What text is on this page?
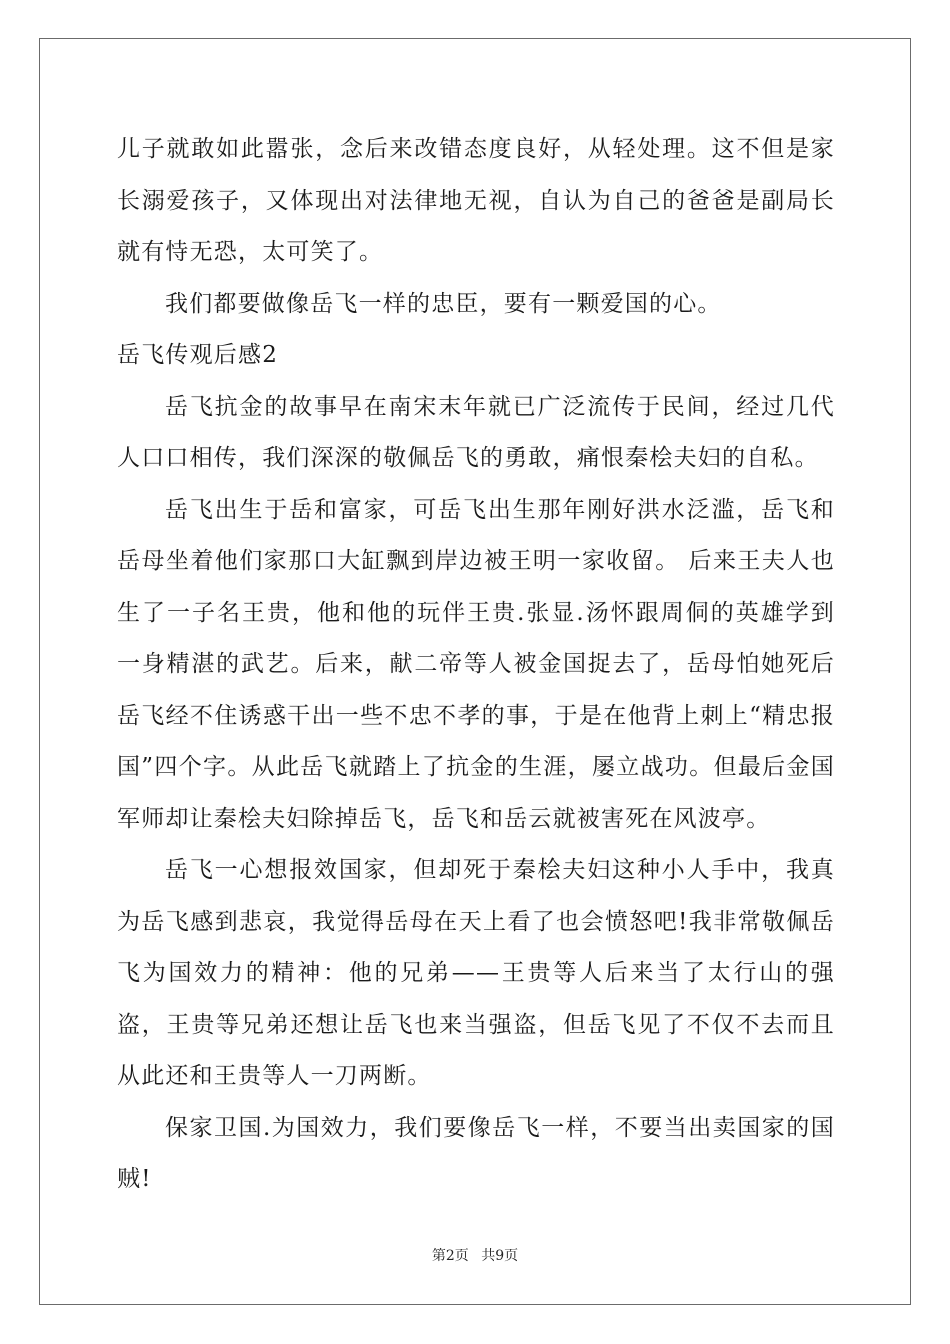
儿子就敢如此嚣张，念后来改错态度良好，从轻处理。这不但是家长溺爱孩子，又体现出对法律地无视，自认为自己的爸爸是副局长就有恃无恐，太可笑了。

我们都要做像岳飞一样的忠臣，要有一颗爱国的心。

岳飞传观后感2

岳飞抗金的故事早在南宋末年就已广泛流传于民间，经过几代人口口相传，我们深深的敬佩岳飞的勇敢，痛恨秦桧夫妇的自私。

岳飞出生于岳和富家，可岳飞出生那年刚好洪水泛滥，岳飞和岳母坐着他们家那口大缸飘到岸边被王明一家收留。 后来王夫人也生了一子名王贵，他和他的玩伴王贵.张显.汤怀跟周侗的英雄学到一身精湛的武艺。后来，献二帝等人被金国捉去了，岳母怕她死后岳飞经不住诱惑干出一些不忠不孝的事，于是在他背上刺上“精忠报国”四个字。从此岳飞就踏上了抗金的生涯，屡立战功。但最后金国军师却让秦桧夫妇除掉岳飞，岳飞和岳云就被害死在风波亭。

岳飞一心想报效国家，但却死于秦桧夫妇这种小人手中，我真为岳飞感到悲哀，我觉得岳母在天上看了也会愤怒吧!我非常敬佩岳飞为国效力的精神：他的兄弟——王贵等人后来当了太行山的强盗，王贵等兄弟还想让岳飞也来当强盗，但岳飞见了不仅不去而且从此还和王贵等人一刀两断。

保家卫国.为国效力，我们要像岳飞一样，不要当出卖国家的国贼!

第2页 共9页
